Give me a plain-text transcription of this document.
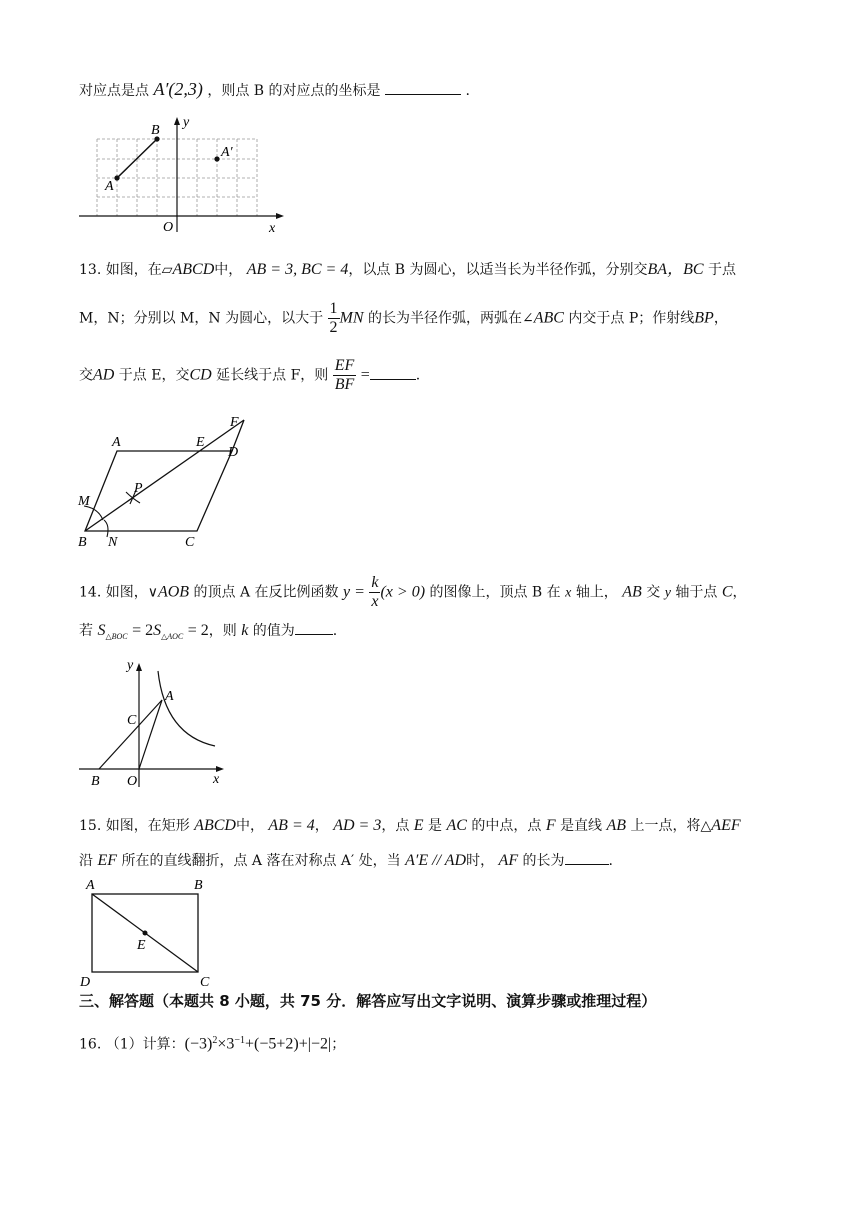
对应点是点 A′(2,3) ，则点 B 的对应点的坐标是	.
A
B
A′
O	x
y
13. 如图，在▱ABCD中， AB = 3, BC = 4，以点 B 为圆心，以适当长为半径作弧，分别交BA，BC 于点
M，N；分别以 M，N 为圆心，以大于 $\frac{1}{2}$ MN 的长为半径作弧，两弧在∠ABC 内交于点 P；作射线BP，
交AD 于点 E，交CD 延长线于点 F，则 $\frac{EF}{BF}$ =	.
A	E
F
D
M
P
B N	C
14. 如图，∨AOB 的顶点 A 在反比例函数 $y = \frac{k}{x} (x > 0)$ 的图像上，顶点 B 在 x 轴上， AB 交 y 轴于点 C，
若 $S_{\triangle BOC} = 2S_{\triangle AOC} = 2$，则 k 的值为	.
A
C
B O	x
y
15. 如图，在矩形 ABCD中， AB = 4， AD = 3，点 E 是 AC 的中点，点 F 是直线 AB 上一点，将△AEF
沿 EF 所在的直线翻折，点 A 落在对称点 A′ 处，当 A′E // AD时， AF 的长为	.
A	B
E
D	C
三、解答题（本题共 8 小题，共 75 分．解答应写出文字说明、演算步骤或推理过程）
16. （1）计算：$(-3)^2\times 3^{-1}+(-5+2)+|-2|$；
